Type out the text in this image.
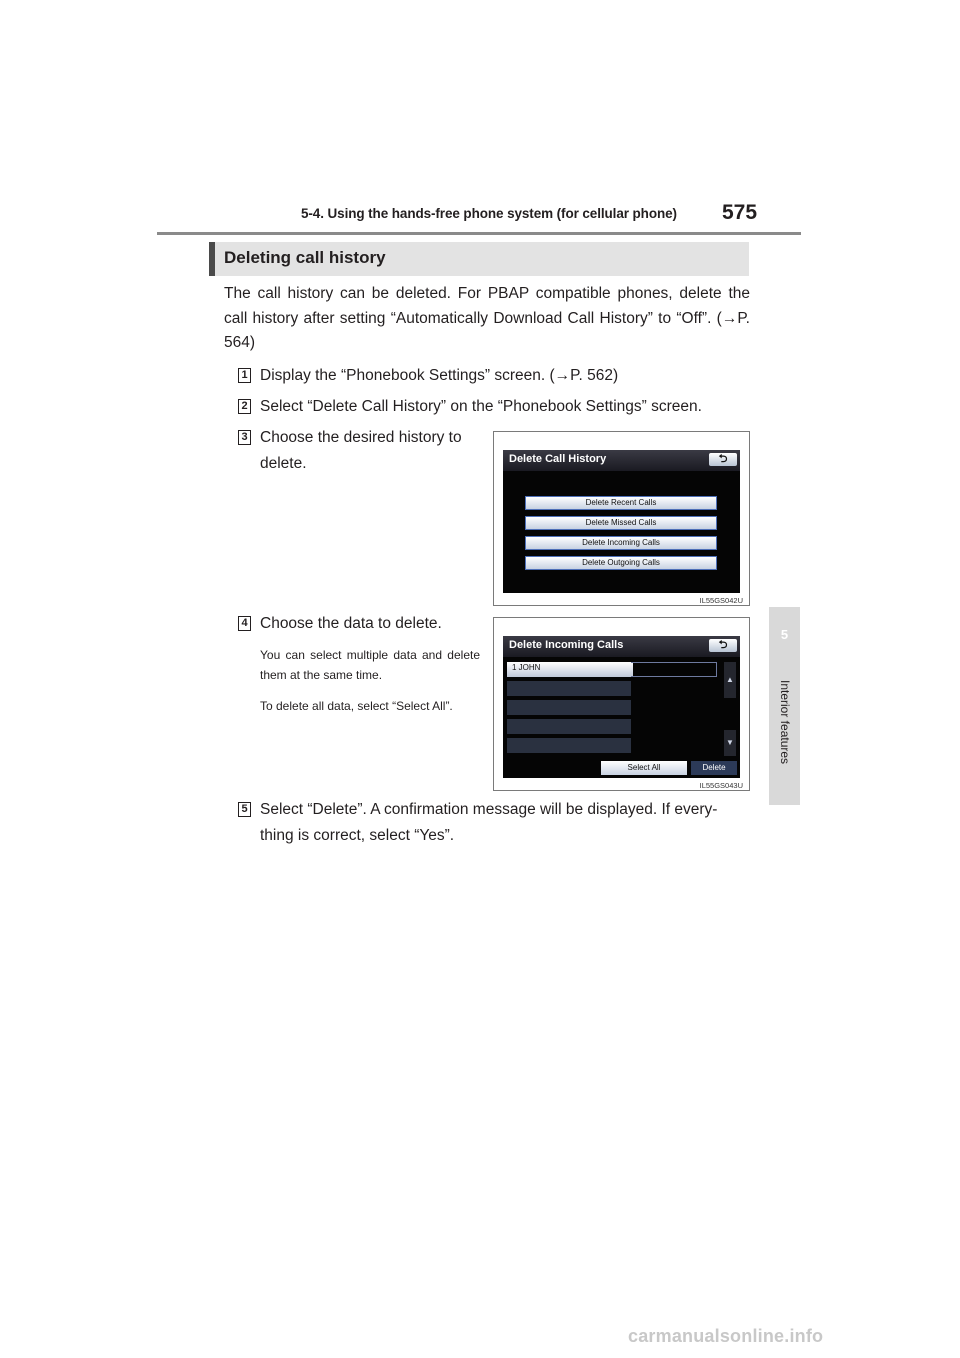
5-4. Using the hands-free phone system (for cellular phone) 575
5
Interior features
Deleting call history
The call history can be deleted. For PBAP compatible phones, delete the call history after setting “Automatically Download Call History” to “Off”. (→P. 564)
1 Display the “Phonebook Settings” screen. (→P. 562)
2 Select “Delete Call History” on the “Phonebook Settings” screen.
3 Choose the desired history to
delete.	Delete Call History	⮌
Delete Recent Calls
Delete Missed Calls
Delete Incoming Calls
Delete Outgoing Calls
IL55GS042U
4 Choose the data to delete.
You can select multiple data and delete them at the same time.
To delete all data, select “Select All”.
Delete Incoming Calls	⮌
1 JOHN
▲
▼
Select All	Delete
IL55GS043U
5 Select “Delete”. A confirmation message will be displayed. If every-
thing is correct, select “Yes”.
carmanualsonline.info
